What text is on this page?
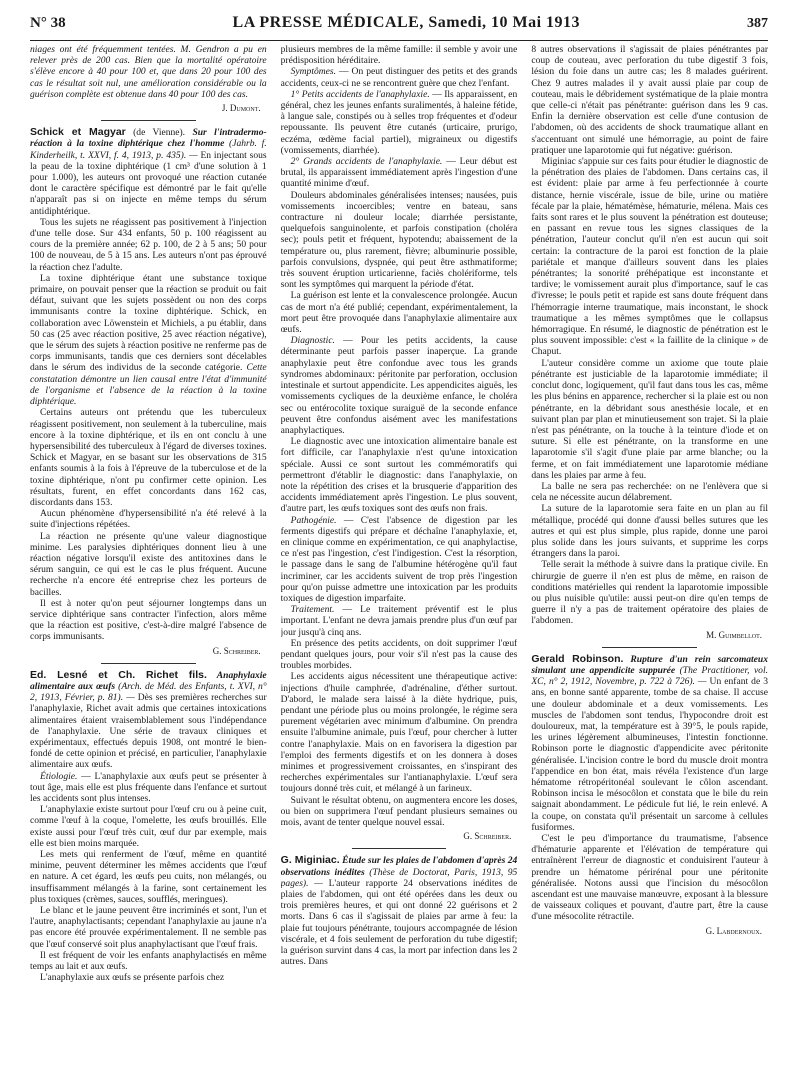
N° 38	LA PRESSE MÉDICALE, Samedi, 10 Mai 1913	387

niages ont été fréquemment tentées. M. Gendron a pu en relever près de 200 cas. Bien que la mortalité opératoire s'élève encore à 40 pour 100 et, que dans 20 pour 100 des cas le résultat soit nul, une amélioration considérable ou la guérison complète est obtenue dans 40 pour 100 des cas.

J. Dumont.

Schick et Magyar (de Vienne). Sur l'intradermo-réaction à la toxine diphtérique chez l'homme (Jahrb. f. Kinderheilk, t. XXVI, f. 4, 1913, p. 435). — En injectant sous la peau de la toxine diphtérique (1 cm³ d'une solution à 1 pour 1.000), les auteurs ont provoqué une réaction cutanée dont le caractère spécifique est démontré par le fait qu'elle n'apparaît pas si on injecte en même temps du sérum antidiphtérique.

Tous les sujets ne réagissent pas positivement à l'injection d'une telle dose. Sur 434 enfants, 50 p. 100 réagissent au cours de la première année; 62 p. 100, de 2 à 5 ans; 50 pour 100 de nouveau, de 5 à 15 ans. Les auteurs n'ont pas éprouvé la réaction chez l'adulte.

La toxine diphtérique étant une substance toxique primaire, on pouvait penser que la réaction se produit ou fait défaut, suivant que les sujets possèdent ou non des corps immunisants contre la toxine diphtérique. Schick, en collaboration avec Löwenstein et Michiels, a pu établir, dans 50 cas (25 avec réaction positive, 25 avec réaction négative), que le sérum des sujets à réaction positive ne renferme pas de corps immunisants, tandis que ces derniers sont décelables dans le sérum des individus de la seconde catégorie. Cette constatation démontre un lien causal entre l'état d'immunité de l'organisme et l'absence de la réaction à la toxine diphtérique.

Certains auteurs ont prétendu que les tuberculeux réagissent positivement, non seulement à la tuberculine, mais encore à la toxine diphtérique, et ils en ont conclu à une hypersensibilité des tuberculeux à l'égard de diverses toxines. Schick et Magyar, en se basant sur les observations de 315 enfants soumis à la fois à l'épreuve de la tuberculose et de la toxine diphtérique, n'ont pu confirmer cette opinion. Les résultats, furent, en effet concordants dans 162 cas, discordants dans 153.

Aucun phénomène d'hypersensibilité n'a été relevé à la suite d'injections répétées.

La réaction ne présente qu'une valeur diagnostique minime. Les paralysies diphtériques donnent lieu à une réaction négative lorsqu'il existe des antitoxines dans le sérum sanguin, ce qui est le cas le plus fréquent. Aucune recherche n'a encore été entreprise chez les porteurs de bacilles.

Il est à noter qu'on peut séjourner longtemps dans un service diphtérique sans contracter l'infection, alors même que la réaction est positive, c'est-à-dire malgré l'absence de corps immunisants.

G. Schreiber.

Ed. Lesné et Ch. Richet fils. Anaphylaxie alimentaire aux œufs (Arch. de Méd. des Enfants, t. XVI, n° 2, 1913, Février, p. 81). — Dès ses premières recherches sur l'anaphylaxie, Richet avait admis que certaines intoxications alimentaires étaient vraisemblablement sous l'indépendance de l'anaphylaxie. Une série de travaux cliniques et expérimentaux, effectués depuis 1908, ont montré le bien-fondé de cette opinion et précisé, en particulier, l'anaphylaxie alimentaire aux œufs.

Étiologie. — L'anaphylaxie aux œufs peut se présenter à tout âge, mais elle est plus fréquente dans l'enfance et surtout les accidents sont plus intenses.

L'anaphylaxie existe surtout pour l'œuf cru ou à peine cuit, comme l'œuf à la coque, l'omelette, les œufs brouillés. Elle existe aussi pour l'œuf très cuit, œuf dur par exemple, mais elle est bien moins marquée.

Les mets qui renferment de l'œuf, même en quantité minime, peuvent déterminer les mêmes accidents que l'œuf en nature. A cet égard, les œufs peu cuits, non mélangés, ou insuffisamment mélangés à la farine, sont certainement les plus toxiques (crèmes, sauces, soufflés, meringues).

Le blanc et le jaune peuvent être incriminés et sont, l'un et l'autre, anaphylactisants; cependant l'anaphylaxie au jaune n'a pas encore été prouvée expérimentalement. Il ne semble pas que l'œuf conservé soit plus anaphylactisant que l'œuf frais.

Il est fréquent de voir les enfants anaphylactisés en même temps au lait et aux œufs.

L'anaphylaxie aux œufs se présente parfois chez

plusieurs membres de la même famille: il semble y avoir une prédisposition héréditaire.

Symptômes. — On peut distinguer des petits et des grands accidents, ceux-ci ne se rencontrent guère que chez l'enfant.

1° Petits accidents de l'anaphylaxie. — Ils apparaissent, en général, chez les jeunes enfants suralimentés, à haleine fétide, à langue sale, constipés ou à selles trop fréquentes et d'odeur repoussante. Ils peuvent être cutanés (urticaire, prurigo, eczéma, œdème facial partiel), migraineux ou digestifs (vomissements, diarrhée).

2° Grands accidents de l'anaphylaxie. — Leur début est brutal, ils apparaissent immédiatement après l'ingestion d'une quantité minime d'œuf.

Douleurs abdominales généralisées intenses; nausées, puis vomissements incoercibles; ventre en bateau, sans contracture ni douleur locale; diarrhée persistante, quelquefois sanguinolente, et parfois constipation (choléra sec); pouls petit et fréquent, hypotendu; abaissement de la température ou, plus rarement, fièvre; albuminurie possible, parfois convulsions, dyspnée, qui peut être asthmatiforme; très souvent éruption urticarienne, faciès cholériforme, tels sont les symptômes qui marquent la période d'état.

La guérison est lente et la convalescence prolongée. Aucun cas de mort n'a été publié; cependant, expérimentalement, la mort peut être provoquée dans l'anaphylaxie alimentaire aux œufs.

Diagnostic. — Pour les petits accidents, la cause déterminante peut parfois passer inaperçue. La grande anaphylaxie peut être confondue avec tous les grands syndromes abdominaux: péritonite par perforation, occlusion intestinale et surtout appendicite. Les appendicites aiguës, les vomissements cycliques de la deuxième enfance, le choléra sec ou entérocolite toxique suraiguë de la seconde enfance peuvent être confondus aisément avec les manifestations anaphylactiques.

Le diagnostic avec une intoxication alimentaire banale est fort difficile, car l'anaphylaxie n'est qu'une intoxication spéciale. Aussi ce sont surtout les commémoratifs qui permettront d'établir le diagnostic: dans l'anaphylaxie, on note la répétition des crises et la brusquerie d'apparition des accidents immédiatement après l'ingestion. Le plus souvent, d'autre part, les œufs toxiques sont des œufs non frais.

Pathogénie. — C'est l'absence de digestion par les ferments digestifs qui prépare et déchaîne l'anaphylaxie, et, en clinique comme en expérimentation, ce qui anaphylactise, ce n'est pas l'ingestion, c'est l'indigestion. C'est la résorption, le passage dans le sang de l'albumine hétérogène qu'il faut incriminer, car les accidents suivent de trop près l'ingestion pour qu'on puisse admettre une intoxication par les produits toxiques de digestion imparfaite.

Traitement. — Le traitement préventif est le plus important. L'enfant ne devra jamais prendre plus d'un œuf par jour jusqu'à cinq ans.

En présence des petits accidents, on doit supprimer l'œuf pendant quelques jours, pour voir s'il n'est pas la cause des troubles morbides.

Les accidents aigus nécessitent une thérapeutique active: injections d'huile camphrée, d'adrénaline, d'éther surtout. D'abord, le malade sera laissé à la diète hydrique, puis, pendant une période plus ou moins prolongée, le régime sera purement végétarien avec minimum d'albumine. On prendra ensuite l'albumine animale, puis l'œuf, pour chercher à lutter contre l'anaphylaxie. Mais on en favorisera la digestion par l'emploi des ferments digestifs et on les donnera à doses minimes et progressivement croissantes, en s'inspirant des recherches expérimentales sur l'antianaphylaxie. L'œuf sera toujours donné très cuit, et mélangé à un farineux.

Suivant le résultat obtenu, on augmentera encore les doses, ou bien on supprimera l'œuf pendant plusieurs semaines ou mois, avant de tenter quelque nouvel essai.

G. Schreiber.

G. Miginiac. Étude sur les plaies de l'abdomen d'après 24 observations inédites (Thèse de Doctorat, Paris, 1913, 95 pages). — L'auteur rapporte 24 observations inédites de plaies de l'abdomen, qui ont été opérées dans les deux ou trois premières heures, et qui ont donné 22 guérisons et 2 morts. Dans 6 cas il s'agissait de plaies par arme à feu: la plaie fut toujours pénétrante, toujours accompagnée de lésion viscérale, et 4 fois seulement de perforation du tube digestif; la guérison survint dans 4 cas, la mort par infection dans les 2 autres. Dans

8 autres observations il s'agissait de plaies pénétrantes par coup de couteau, avec perforation du tube digestif 3 fois, lésion du foie dans un autre cas; les 8 malades guérirent. Chez 9 autres malades il y avait aussi plaie par coup de couteau, mais le débridement systématique de la plaie montra que celle-ci n'était pas pénétrante: guérison dans les 9 cas. Enfin la dernière observation est celle d'une contusion de l'abdomen, où des accidents de shock traumatique allant en s'accentuant ont simulé une hémorragie, au point de faire pratiquer une laparotomie qui fut négative: guérison.

Miginiac s'appuie sur ces faits pour étudier le diagnostic de la pénétration des plaies de l'abdomen. Dans certains cas, il est évident: plaie par arme à feu perfectionnée à courte distance, hernie viscérale, issue de bile, urine ou matière fécale par la plaie, hématémèse, hématurie, mélena. Mais ces faits sont rares et le plus souvent la pénétration est douteuse; en passant en revue tous les signes classiques de la pénétration, l'auteur conclut qu'il n'en est aucun qui soit certain: la contracture de la paroi est fonction de la plaie pariétale et manque d'ailleurs souvent dans les plaies pénétrantes; la sonorité préhépatique est inconstante et tardive; le vomissement aurait plus d'importance, sauf le cas d'ivresse; le pouls petit et rapide est sans doute fréquent dans l'hémorragie interne traumatique, mais inconstant, le shock traumatique a les mêmes symptômes que le collapsus hémorragique. En résumé, le diagnostic de pénétration est le plus souvent impossible: c'est « la faillite de la clinique » de Chaput.

L'auteur considère comme un axiome que toute plaie pénétrante est justiciable de la laparotomie immédiate; il conclut donc, logiquement, qu'il faut dans tous les cas, même les plus bénins en apparence, rechercher si la plaie est ou non pénétrante, en la débridant sous anesthésie locale, et en suivant plan par plan et minutieusement son trajet. Si la plaie n'est pas pénétrante, on la touche à la teinture d'iode et on suture. Si elle est pénétrante, on la transforme en une laparotomie s'il s'agit d'une plaie par arme blanche; ou la ferme, et on fait immédiatement une laparotomie médiane dans les plaies par arme à feu.

La balle ne sera pas recherchée: on ne l'enlèvera que si cela ne nécessite aucun délabrement.

La suture de la laparotomie sera faite en un plan au fil métallique, procédé qui donne d'aussi belles sutures que les autres et qui est plus simple, plus rapide, donne une paroi plus solide dans les jours suivants, et supprime les corps étrangers dans la paroi.

Telle serait la méthode à suivre dans la pratique civile. En chirurgie de guerre il n'en est plus de même, en raison de conditions matérielles qui rendent la laparotomie impossible ou plus nuisible qu'utile: aussi peut-on dire qu'en temps de guerre il n'y a pas de traitement opératoire des plaies de l'abdomen.

M. Guimbellot.

Gerald Robinson. Rupture d'un rein sarcomateux simulant une appendicite suppurée (The Practitioner, vol. XC, n° 2, 1912, Novembre, p. 722 à 726). — Un enfant de 3 ans, en bonne santé apparente, tombe de sa chaise. Il accuse une douleur abdominale et a deux vomissements. Les muscles de l'abdomen sont tendus, l'hypocondre droit est douloureux, mat, la température est à 39°5, le pouls rapide, les urines légèrement albumineuses, l'intestin fonctionne. Robinson porte le diagnostic d'appendicite avec péritonite généralisée. L'incision contre le bord du muscle droit montra l'appendice en bon état, mais révéla l'existence d'un large hématome rétropéritonéal soulevant le côlon ascendant. Robinson incisa le mésocôlon et constata que le bile du rein saignait abondamment. Le pédicule fut lié, le rein enlevé. A la coupe, on constata qu'il présentait un sarcome à cellules fusiformes.

C'est le peu d'importance du traumatisme, l'absence d'hématurie apparente et l'élévation de température qui entraînèrent l'erreur de diagnostic et conduisirent l'auteur à prendre un hématome périrénal pour une péritonite généralisée. Notons aussi que l'incision du mésocôlon ascendant est une mauvaise manœuvre, exposant à la blessure de vaisseaux coliques et pouvant, d'autre part, être la cause d'une mésocolite rétractile.

G. Labdernoux.
